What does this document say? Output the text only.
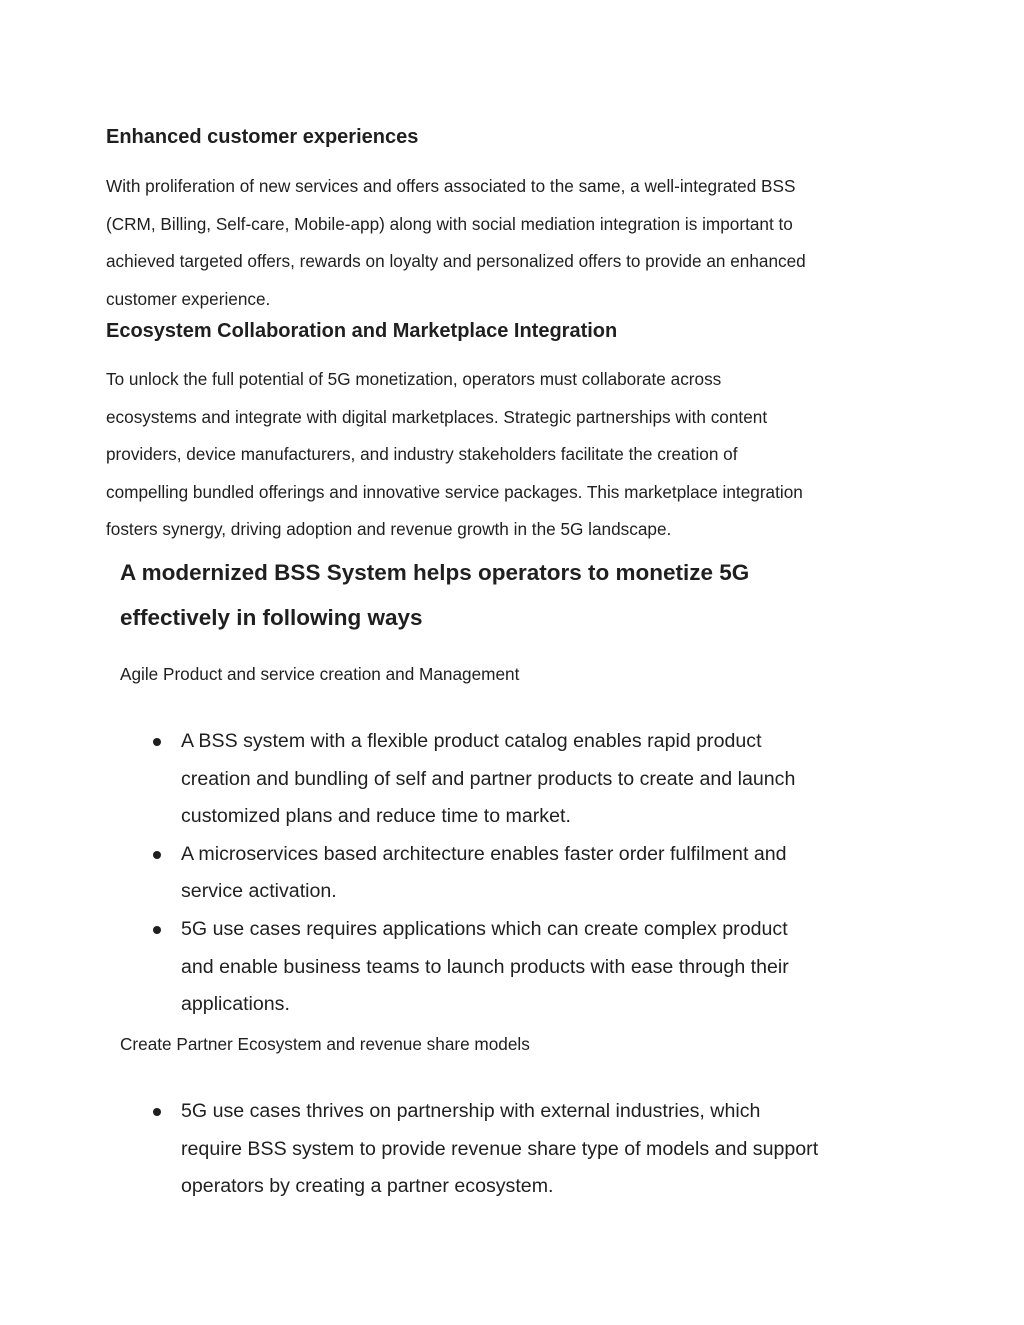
Enhanced customer experiences

With proliferation of new services and offers associated to the same, a well-integrated BSS
(CRM, Billing, Self-care, Mobile-app) along with social mediation integration is important to
achieved targeted offers, rewards on loyalty and personalized offers to provide an enhanced
customer experience.

Ecosystem Collaboration and Marketplace Integration

To unlock the full potential of 5G monetization, operators must collaborate across
ecosystems and integrate with digital marketplaces. Strategic partnerships with content
providers, device manufacturers, and industry stakeholders facilitate the creation of
compelling bundled offerings and innovative service packages. This marketplace integration
fosters synergy, driving adoption and revenue growth in the 5G landscape.

A modernized BSS System helps operators to monetize 5G
effectively in following ways

Agile Product and service creation and Management

A BSS system with a flexible product catalog enables rapid product
creation and bundling of self and partner products to create and launch
customized plans and reduce time to market.
A microservices based architecture enables faster order fulfilment and
service activation.
5G use cases requires applications which can create complex product
and enable business teams to launch products with ease through their
applications.

Create Partner Ecosystem and revenue share models

5G use cases thrives on partnership with external industries, which
require BSS system to provide revenue share type of models and support
operators by creating a partner ecosystem.
